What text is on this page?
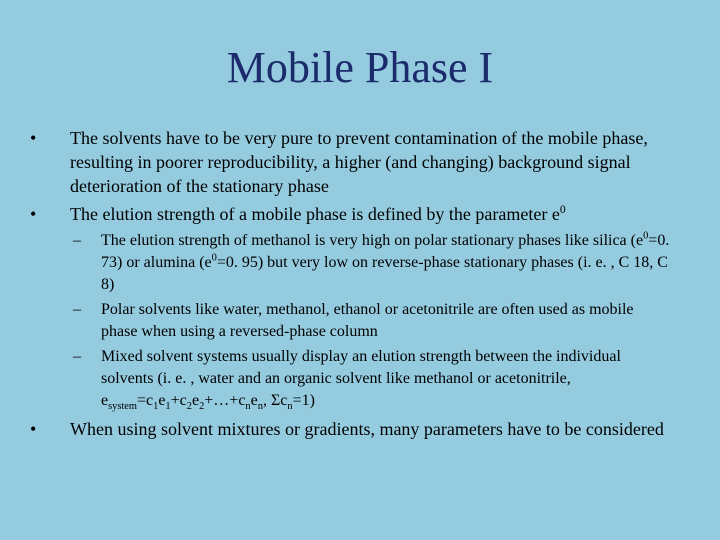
Mobile Phase I
• The solvents have to be very pure to prevent contamination of the mobile phase, resulting in poorer reproducibility, a higher (and changing) background signal deterioration of the stationary phase
• The elution strength of a mobile phase is defined by the parameter $e^0$
– The elution strength of methanol is very high on polar stationary phases like silica ($e^0=0$. 73) or alumina ($e^0=0$. 95) but very low on reverse-phase stationary phases (i. e. , C 18, C 8)
– Polar solvents like water, methanol, ethanol or acetonitrile are often used as mobile phase when using a reversed-phase column
– Mixed solvent systems usually display an elution strength between the individual solvents (i. e. , water and an organic solvent like methanol or acetonitrile, $e_{system}=c_1e_1+c_2e_2+\dots+c_ne_n$, $\Sigma c_n=1$)
• When using solvent mixtures or gradients, many parameters have to be considered
